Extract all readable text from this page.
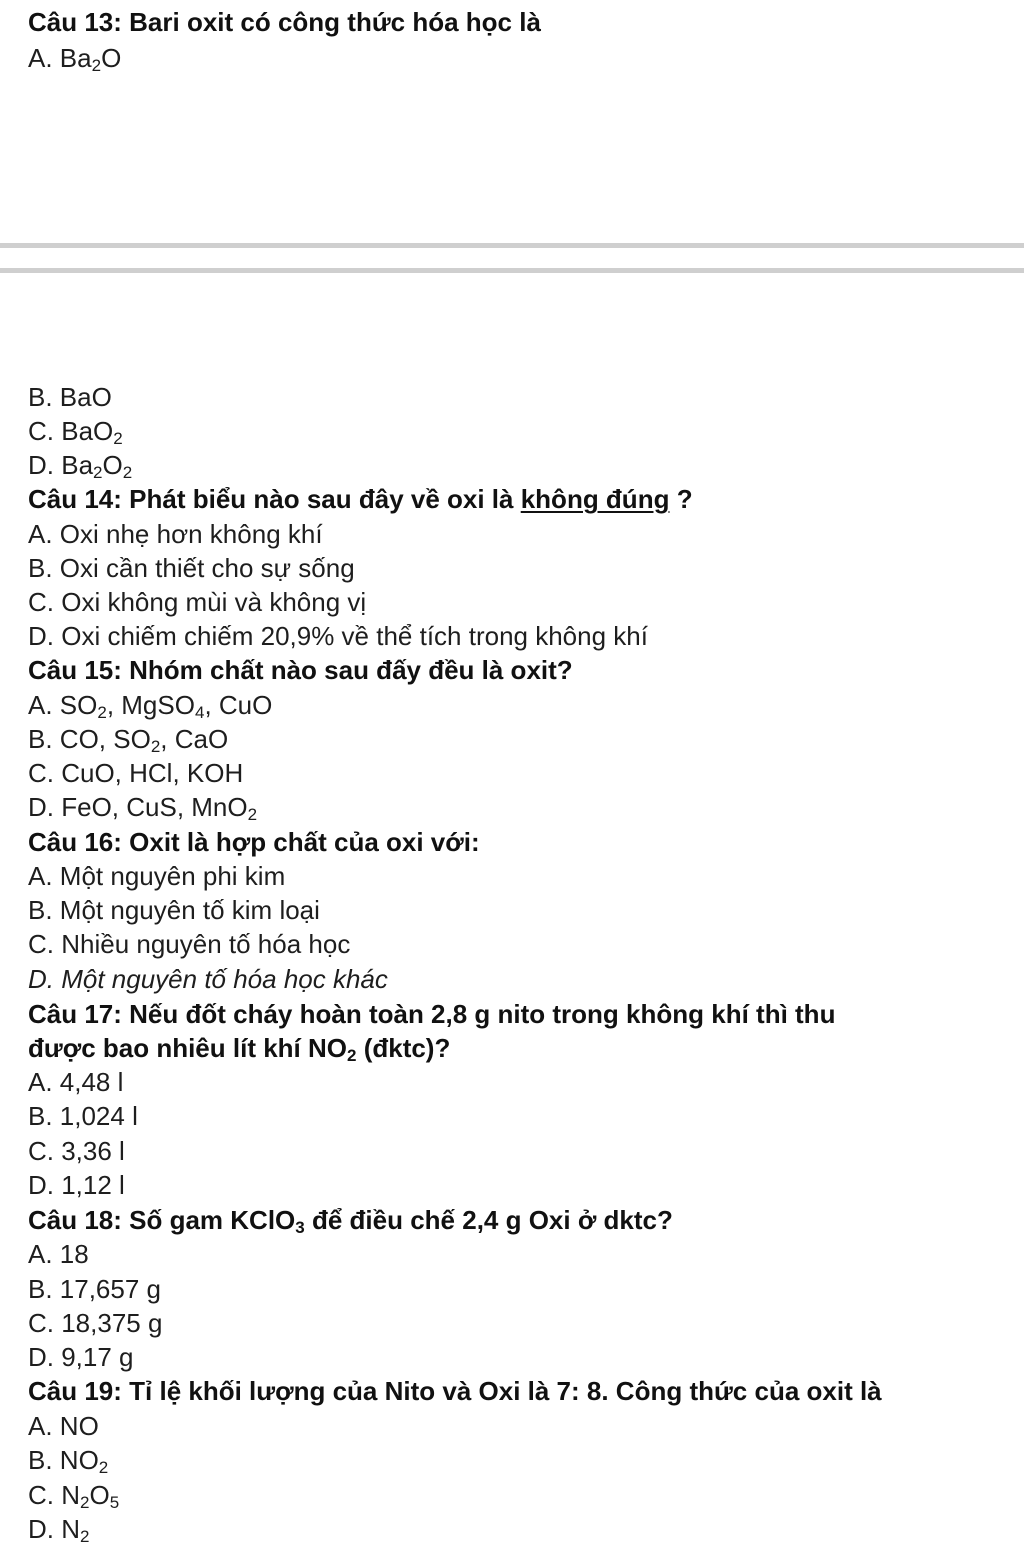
Câu 13: Bari oxit có công thức hóa học là
A. $Ba_2O$
B. BaO
C. BaO$_2$
D. $Ba_2O_2$
Câu 14: Phát biểu nào sau đây về oxi là không đúng ?
A. Oxi nhẹ hơn không khí
B. Oxi cần thiết cho sự sống
C. Oxi không mùi và không vị
D. Oxi chiếm chiếm 20,9% về thể tích trong không khí
Câu 15: Nhóm chất nào sau đấy đều là oxit?
A. $SO_2$, MgSO$_4$, CuO
B. CO, $SO_2$, CaO
C. CuO, HCl, KOH
D. FeO, CuS, MnO$_2$
Câu 16: Oxit là hợp chất của oxi với:
A. Một nguyên phi kim
B. Một nguyên tố kim loại
C. Nhiều nguyên tố hóa học
D. Một nguyên tố hóa học khác
Câu 17: Nếu đốt cháy hoàn toàn 2,8 g nito trong không khí thì thu
được bao nhiêu lít khí $NO_2$ (đktc)?
A. 4,48 l
B. 1,024 l
C. 3,36 l
D. 1,12 l
Câu 18: Số gam KClO$_3$ để điều chế 2,4 g Oxi ở dktc?
A. 18
B. 17,657 g
C. 18,375 g
D. 9,17 g
Câu 19: Tỉ lệ khối lượng của Nito và Oxi là 7: 8. Công thức của oxit là
A. NO
B. $NO_2$
C. $N_2O_5$
D. $N_2$
